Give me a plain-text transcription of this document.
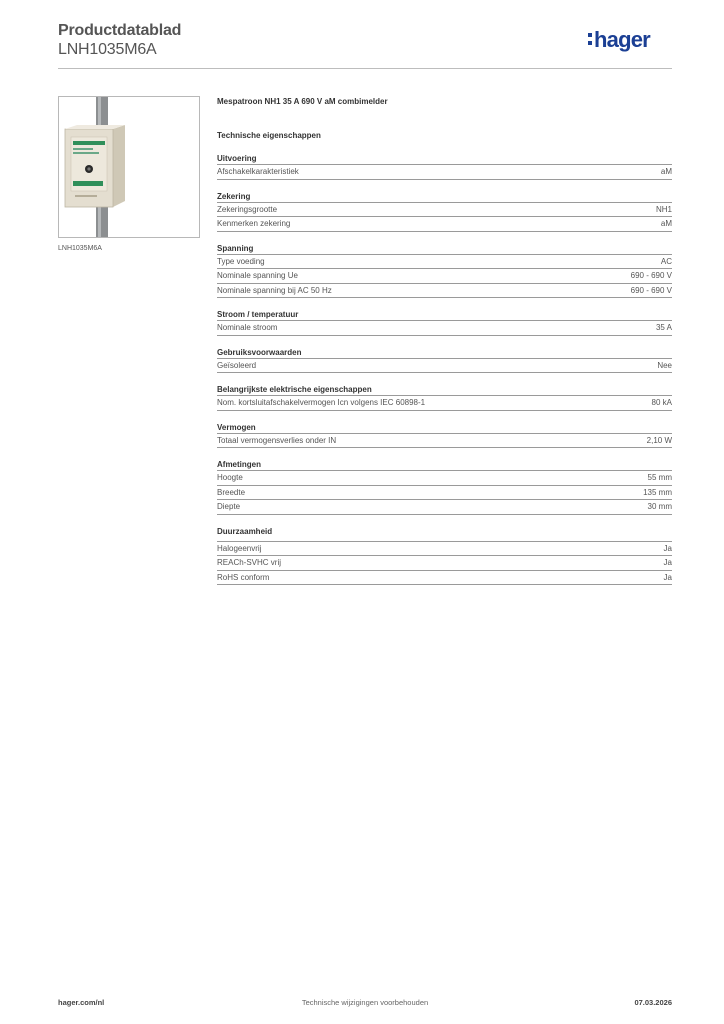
Productdatablad
LNH1035M6A	hager
LNH1035M6A
Mespatroon NH1 35 A 690 V aM combimelder
Technische eigenschappen
Uitvoering
Afschakelkarakteristiek	aM
Zekering
Zekeringsgrootte	NH1
Kenmerken zekering	aM
Spanning
Type voeding	AC
Nominale spanning Ue	690 - 690 V
Nominale spanning bij AC 50 Hz	690 - 690 V
Stroom / temperatuur
Nominale stroom	35 A
Gebruiksvoorwaarden
Geïsoleerd	Nee
Belangrijkste elektrische eigenschappen
Nom. kortsluitafschakelvermogen Icn volgens IEC 60898-1	80 kA
Vermogen
Totaal vermogensverlies onder IN	2,10 W
Afmetingen
Hoogte	55 mm
Breedte	135 mm
Diepte	30 mm
Duurzaamheid
Halogeenvrij	Ja
REACh-SVHC vrij	Ja
RoHS conform	Ja
hager.com/nl	Technische wijzigingen voorbehouden	07.03.2026
